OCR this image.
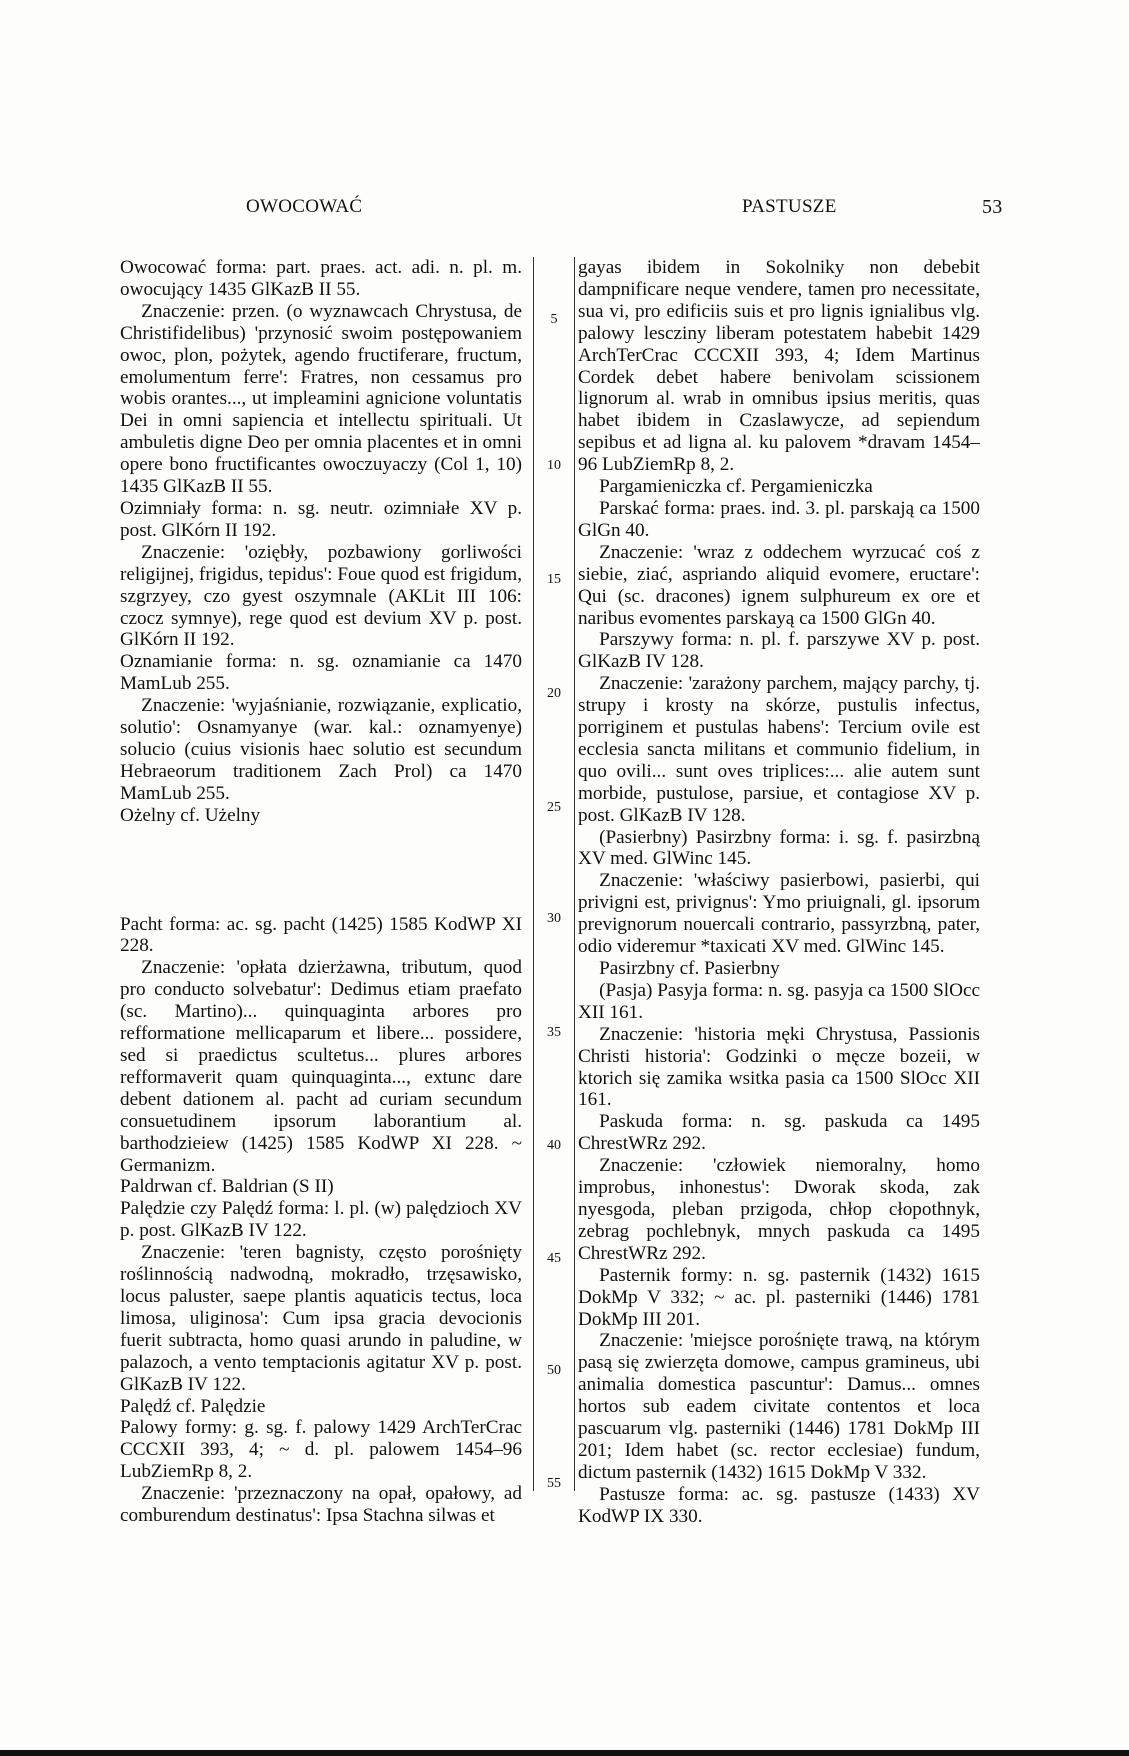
OWOCOWAĆ	PASTUSZE	53
5
10
15
20
25
30
35
40
45
50
55

Owocować forma: part. praes. act. adi. n. pl. m. owocujący 1435 GlKazB II 55.

Znaczenie: przen. (o wyznawcach Chrystusa, de Christifidelibus) 'przynosić swoim postępowaniem owoc, plon, pożytek, agendo fructiferare, fructum, emolumentum ferre': Fratres, non cessamus pro wobis orantes..., ut impleamini agnicione voluntatis Dei in omni sapiencia et intellectu spirituali. Ut ambuletis digne Deo per omnia placentes et in omni opere bono fructificantes owoczuyaczy (Col 1, 10) 1435 GlKazB II 55.

Ozimniały forma: n. sg. neutr. ozimniałe XV p. post. GlKórn II 192.

Znaczenie: 'oziębły, pozbawiony gorliwości religijnej, frigidus, tepidus': Foue quod est frigidum, szgrzyey, czo gyest oszymnale (AKLit III 106: czocz symnye), rege quod est devium XV p. post. GlKórn II 192.

Oznamianie forma: n. sg. oznamianie ca 1470 MamLub 255.

Znaczenie: 'wyjaśnianie, rozwiązanie, explicatio, solutio': Osnamyanye (war. kal.: oznamyenye) solucio (cuius visionis haec solutio est secundum Hebraeorum traditionem Zach Prol) ca 1470 MamLub 255.

Ożelny cf. Użelny

Pacht forma: ac. sg. pacht (1425) 1585 KodWP XI 228.

Znaczenie: 'opłata dzierżawna, tributum, quod pro conducto solvebatur': Dedimus etiam praefato (sc. Martino)... quinquaginta arbores pro refformatione mellicaparum et libere... possidere, sed si praedictus scultetus... plures arbores refformaverit quam quinquaginta..., extunc dare debent dationem al. pacht ad curiam secundum consuetudinem ipsorum laborantium al. barthodzieiew (1425) 1585 KodWP XI 228. ~ Germanizm.

Paldrwan cf. Baldrian (S II)

Palędzie czy Palędź forma: l. pl. (w) palędzioch XV p. post. GlKazB IV 122.

Znaczenie: 'teren bagnisty, często porośnięty roślinnością nadwodną, mokradło, trzęsawisko, locus paluster, saepe plantis aquaticis tectus, loca limosa, uliginosa': Cum ipsa gracia devocionis fuerit subtracta, homo quasi arundo in paludine, w palazoch, a vento temptacionis agitatur XV p. post. GlKazB IV 122.

Palędź cf. Palędzie

Palowy formy: g. sg. f. palowy 1429 ArchTerCrac CCCXII 393, 4; ~ d. pl. palowem 1454–96 LubZiemRp 8, 2.

Znaczenie: 'przeznaczony na opał, opałowy, ad comburendum destinatus': Ipsa Stachna silwas et

gayas ibidem in Sokolniky non debebit dampnificare neque vendere, tamen pro necessitate, sua vi, pro edificiis suis et pro lignis ignialibus vlg. palowy lesczinу liberam potestatem habebit 1429 ArchTerCrac CCCXII 393, 4; Idem Martinus Cordek debet habere benivolam scissionem lignorum al. wrab in omnibus ipsius meritis, quas habet ibidem in Czaslawycze, ad sepiendum sepibus et ad ligna al. ku palovem *dravam 1454–96 LubZiemRp 8, 2.

Pargamieniczka cf. Pergamieniczka

Parskać forma: praes. ind. 3. pl. parskają ca 1500 GlGn 40.

Znaczenie: 'wraz z oddechem wyrzucać coś z siebie, ziać, aspriando aliquid evomere, eructare': Qui (sc. dracones) ignem sulphureum ex ore et naribus evomentes parskayą ca 1500 GlGn 40.

Parszywy forma: n. pl. f. parszywe XV p. post. GlKazB IV 128.

Znaczenie: 'zarażony parchem, mający parchy, tj. strupy i krosty na skórze, pustulis infectus, porriginem et pustulas habens': Tercium ovile est ecclesia sancta militans et communio fidelium, in quo ovili... sunt oves triplices:... alie autem sunt morbide, pustulose, parsiue, et contagiose XV p. post. GlKazB IV 128.

(Pasierbny) Pasirzbny forma: i. sg. f. pasirzbną XV med. GlWinc 145.

Znaczenie: 'właściwy pasierbowi, pasierbi, qui privigni est, privignus': Ymo priuignali, gl. ipsorum prevignorum nouercali contrario, passyrzbną, pater, odio videremur *taxicati XV med. GlWinc 145.

Pasirzbny cf. Pasierbny

(Pasja) Pasyja forma: n. sg. pasyja ca 1500 SlOcc XII 161.

Znaczenie: 'historia męki Chrystusa, Passionis Christi historia': Godzinki o męcze bozeii, w ktorich się zamika wsitka pasia ca 1500 SlOcc XII 161.

Paskuda forma: n. sg. paskuda ca 1495 ChrestWRz 292.

Znaczenie: 'człowiek niemoralny, homo improbus, inhonestus': Dworak skoda, zak nyesgoda, pleban przigoda, chłop cłopothnyk, zebrag pochlebnyk, mnych paskuda ca 1495 ChrestWRz 292.

Pasternik formy: n. sg. pasternik (1432) 1615 DokMp V 332; ~ ac. pl. pasterniki (1446) 1781 DokMp III 201.

Znaczenie: 'miejsce porośnięte trawą, na którym pasą się zwierzęta domowe, campus gramineus, ubi animalia domestica pascuntur': Damus... omnes hortos sub eadem civitate contentos et loca pascuarum vlg. pasterniki (1446) 1781 DokMp III 201; Idem habet (sc. rector ecclesiae) fundum, dictum pasternik (1432) 1615 DokMp V 332.

Pastusze forma: ac. sg. pastusze (1433) XV KodWP IX 330.
